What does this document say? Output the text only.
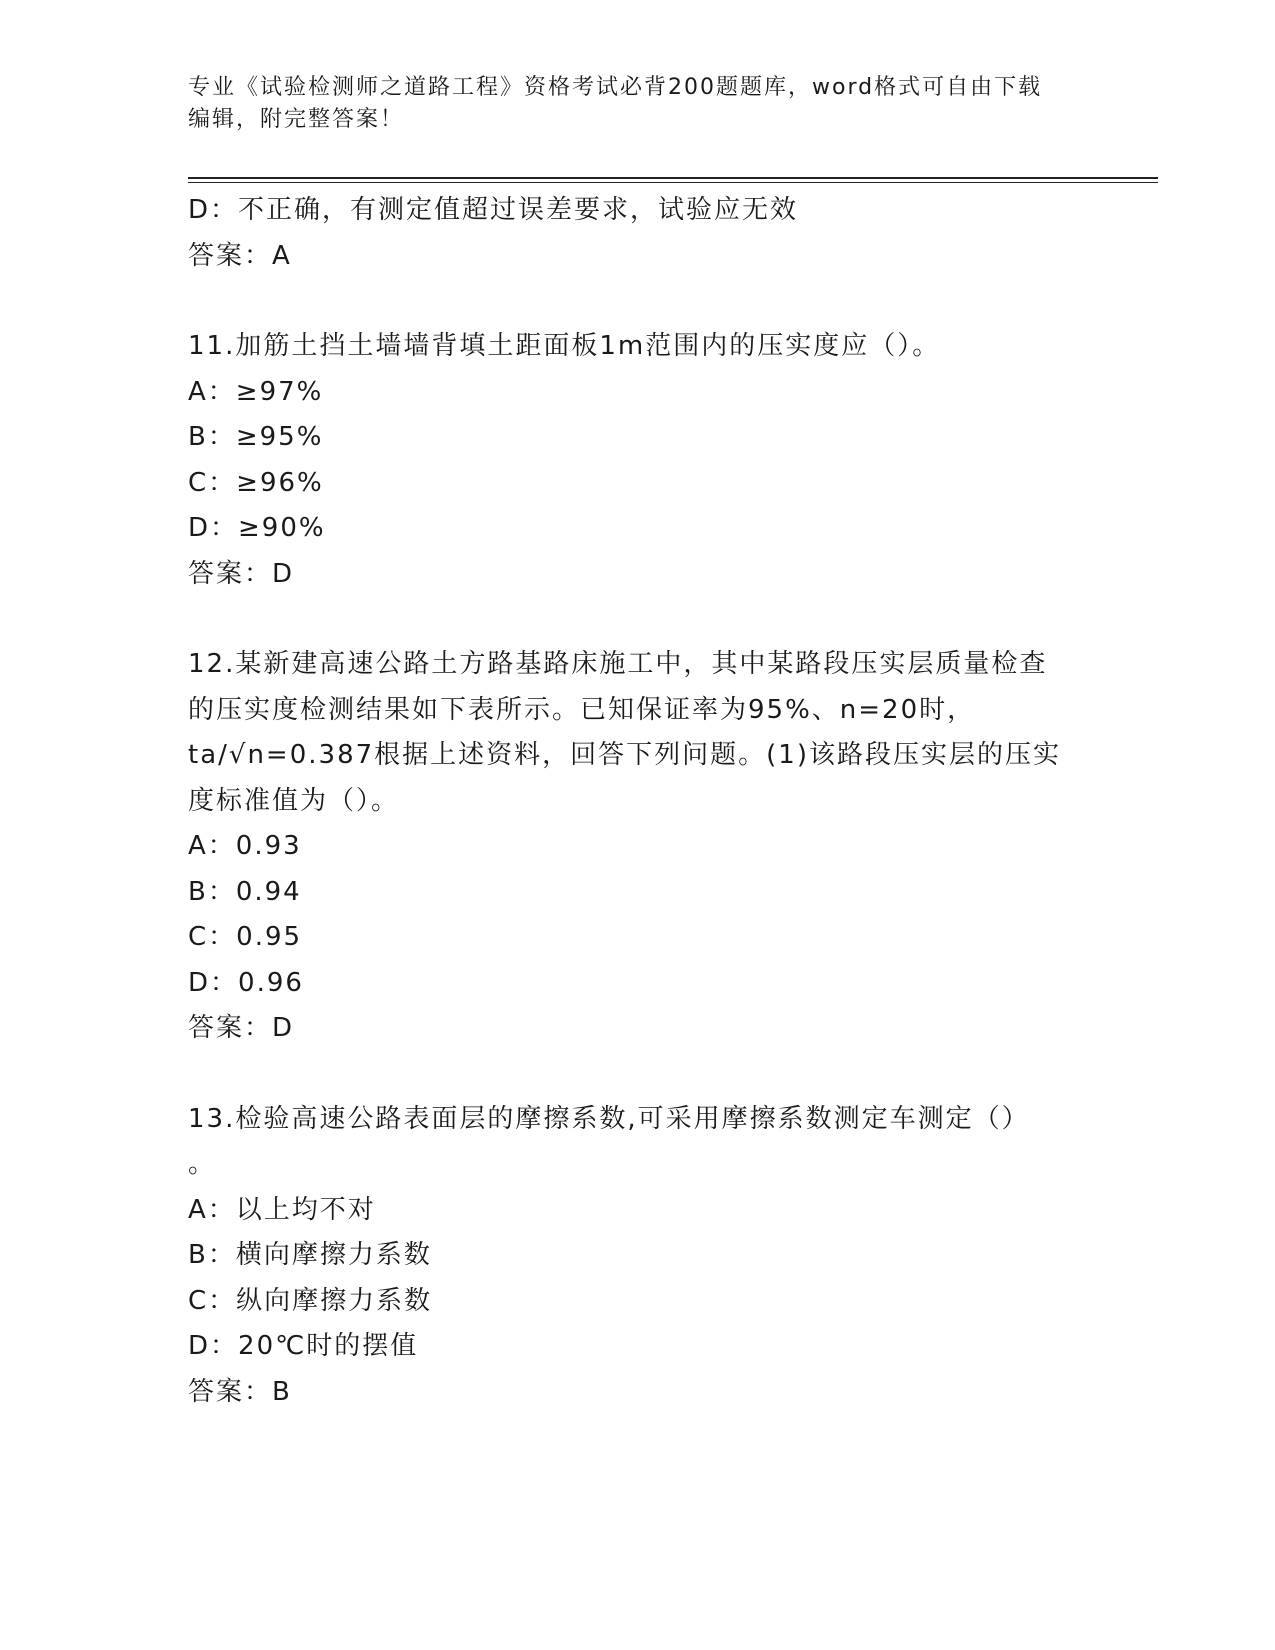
专业《试验检测师之道路工程》资格考试必背200题题库，word格式可自由下载
编辑，附完整答案！
D：不正确，有测定值超过误差要求，试验应无效
答案：A
11.加筋土挡土墙墙背填土距面板1m范围内的压实度应（）。
A：≥97%
B：≥95%
C：≥96%
D：≥90%
答案：D
12.某新建高速公路土方路基路床施工中，其中某路段压实层质量检查
的压实度检测结果如下表所示。已知保证率为95%、n=20时，
ta/√n=0.387根据上述资料，回答下列问题。(1)该路段压实层的压实
度标准值为（）。
A：0.93
B：0.94
C：0.95
D：0.96
答案：D
13.检验高速公路表面层的摩擦系数,可采用摩擦系数测定车测定（）
。
A：以上均不对
B：横向摩擦力系数
C：纵向摩擦力系数
D：20℃时的摆值
答案：B
